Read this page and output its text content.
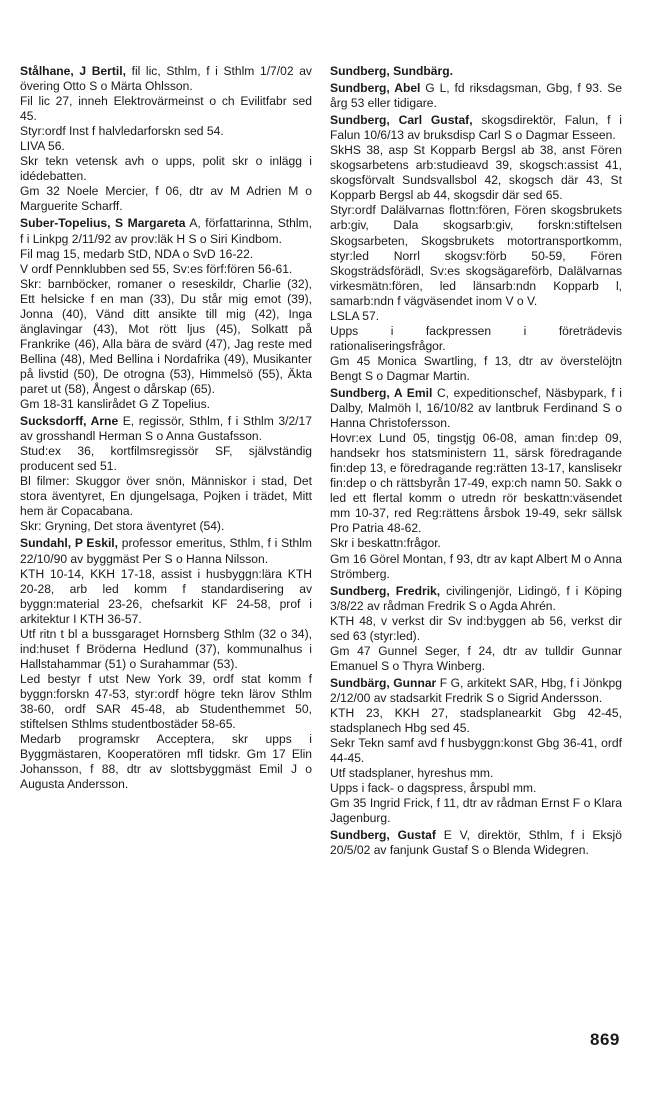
Stålhane, J Bertil, fil lic, Sthlm, f i Sthlm 1/7/02 av övering Otto S o Märta Ohlsson.
Fil lic 27, inneh Elektrovärmeinst o ch Evilitfabr sed 45.
Styr:ordf Inst f halvledarforskn sed 54.
LIVA 56.
Skr tekn vetensk avh o upps, polit skr o inlägg i idédebatten.
Gm 32 Noele Mercier, f 06, dtr av M Adrien M o Marguerite Scharff.
Suber-Topelius, S Margareta A, författarinna, Sthlm, f i Linkpg 2/11/92 av prov:läk H S o Siri Kindbom.
Fil mag 15, medarb StD, NDA o SvD 16-22.
V ordf Pennklubben sed 55, Sv:es förf:fören 56-61.
Skr: barnböcker, romaner o reseskildr, Charlie (32), Ett helsicke f en man (33), Du står mig emot (39), Jonna (40), Vänd ditt ansikte till mig (42), Inga änglavingar (43), Mot rött ljus (45), Solkatt på Frankrike (46), Alla bära de svärd (47), Jag reste med Bellina (48), Med Bellina i Nordafrika (49), Musikanter på livstid (50), De otrogna (53), Himmelsö (55), Äkta paret ut (58), Ångest o dårskap (65).
Gm 18-31 kanslirådet G Z Topelius.
Sucksdorff, Arne E, regissör, Sthlm, f i Sthlm 3/2/17 av grosshandl Herman S o Anna Gustafsson.
Stud:ex 36, kortfilmsregissör SF, självständig producent sed 51.
Bl filmer: Skuggor över snön, Människor i stad, Det stora äventyret, En djungelsaga, Pojken i trädet, Mitt hem är Copacabana.
Skr: Gryning, Det stora äventyret (54).
Sundahl, P Eskil, professor emeritus, Sthlm, f i Sthlm 22/10/90 av byggmäst Per S o Hanna Nilsson.
KTH 10-14, KKH 17-18, assist i husbyggn:lära KTH 20-28, arb led komm f standardisering av byggn:material 23-26, chefsarkit KF 24-58, prof i arkitektur I KTH 36-57.
Utf ritn t bl a bussgaraget Hornsberg Sthlm (32 o 34), ind:huset f Bröderna Hedlund (37), kommunalhus i Hallstahammar (51) o Surahammar (53).
Led bestyr f utst New York 39, ordf stat komm f byggn:forskn 47-53, styr:ordf högre tekn lärov Sthlm 38-60, ordf SAR 45-48, ab Studenthemmet 50, stiftelsen Sthlms studentbostäder 58-65.
Medarb programskr Acceptera, skr upps i Byggmästaren, Kooperatören mfl tidskr. Gm 17 Elin Johansson, f 88, dtr av slottsbyggmäst Emil J o Augusta Andersson.
Sundberg, Sundbärg.
Sundberg, Abel G L, fd riksdagsman, Gbg, f 93. Se årg 53 eller tidigare.
Sundberg, Carl Gustaf, skogsdirektör, Falun, f i Falun 10/6/13 av bruksdisp Carl S o Dagmar Esseen.
SkHS 38, asp St Kopparb Bergsl ab 38, anst Fören skogsarbetens arb:studieavd 39, skogsch:assist 41, skogsförvalt Sundsvallsbol 42, skogsch där 43, St Kopparb Bergsl ab 44, skogsdir där sed 65.
Styr:ordf Dalälvarnas flottn:fören, Fören skogsbrukets arb:giv, Dala skogsarb:giv, forskn:stiftelsen Skogsarbeten, Skogsbrukets motortransportkomm, styr:led Norrl skogsv:förb 50-59, Fören Skogsträdsförädl, Sv:es skogsägareförb, Dalälvarnas virkesmätn:fören, led länsarb:ndn Kopparb l, samarb:ndn f vägväsendet inom V o V.
LSLA 57.
Upps i fackpressen i företrädevis rationaliseringsfrågor.
Gm 45 Monica Swartling, f 13, dtr av överstelöjtn Bengt S o Dagmar Martin.
Sundberg, A Emil C, expeditionschef, Näsbypark, f i Dalby, Malmöh l, 16/10/82 av lantbruk Ferdinand S o Hanna Christofersson.
Hovr:ex Lund 05, tingstjg 06-08, aman fin:dep 09, handsekr hos statsministern 11, särsk föredragande fin:dep 13, e föredragande reg:rätten 13-17, kanslisekr fin:dep o ch rättsbyrån 17-49, exp:ch namn 50. Sakk o led ett flertal komm o utredn rör beskattn:väsendet mm 10-37, red Reg:rättens årsbok 19-49, sekr sällsk Pro Patria 48-62.
Skr i beskattn:frågor.
Gm 16 Görel Montan, f 93, dtr av kapt Albert M o Anna Strömberg.
Sundberg, Fredrik, civilingenjör, Lidingö, f i Köping 3/8/22 av rådman Fredrik S o Agda Ahrén.
KTH 48, v verkst dir Sv ind:byggen ab 56, verkst dir sed 63 (styr:led).
Gm 47 Gunnel Seger, f 24, dtr av tulldir Gunnar Emanuel S o Thyra Winberg.
Sundbärg, Gunnar F G, arkitekt SAR, Hbg, f i Jönkpg 2/12/00 av stadsarkit Fredrik S o Sigrid Andersson.
KTH 23, KKH 27, stadsplanearkit Gbg 42-45, stadsplanech Hbg sed 45.
Sekr Tekn samf avd f husbyggn:konst Gbg 36-41, ordf 44-45.
Utf stadsplaner, hyreshus mm.
Upps i fack- o dagspress, årspubl mm.
Gm 35 Ingrid Frick, f 11, dtr av rådman Ernst F o Klara Jagenburg.
Sundberg, Gustaf E V, direktör, Sthlm, f i Eksjö 20/5/02 av fanjunk Gustaf S o Blenda Widegren.
869
